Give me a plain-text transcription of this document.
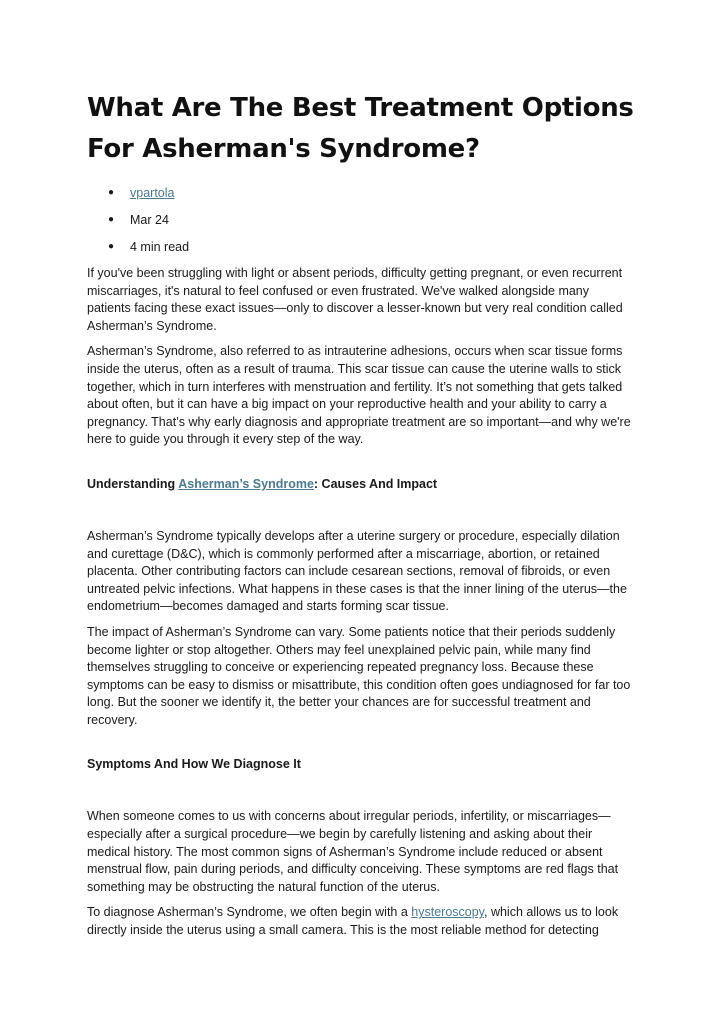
What Are The Best Treatment Options For Asherman's Syndrome?
● vpartola
● Mar 24
● 4 min read

If you've been struggling with light or absent periods, difficulty getting pregnant, or even recurrent miscarriages, it's natural to feel confused or even frustrated. We've walked alongside many patients facing these exact issues—only to discover a lesser-known but very real condition called Asherman’s Syndrome.

Asherman’s Syndrome, also referred to as intrauterine adhesions, occurs when scar tissue forms inside the uterus, often as a result of trauma. This scar tissue can cause the uterine walls to stick together, which in turn interferes with menstruation and fertility. It’s not something that gets talked about often, but it can have a big impact on your reproductive health and your ability to carry a pregnancy. That’s why early diagnosis and appropriate treatment are so important—and why we're here to guide you through it every step of the way.

Understanding Asherman’s Syndrome: Causes And Impact

Asherman’s Syndrome typically develops after a uterine surgery or procedure, especially dilation and curettage (D&C), which is commonly performed after a miscarriage, abortion, or retained placenta. Other contributing factors can include cesarean sections, removal of fibroids, or even untreated pelvic infections. What happens in these cases is that the inner lining of the uterus—the endometrium—becomes damaged and starts forming scar tissue.

The impact of Asherman’s Syndrome can vary. Some patients notice that their periods suddenly become lighter or stop altogether. Others may feel unexplained pelvic pain, while many find themselves struggling to conceive or experiencing repeated pregnancy loss. Because these symptoms can be easy to dismiss or misattribute, this condition often goes undiagnosed for far too long. But the sooner we identify it, the better your chances are for successful treatment and recovery.

Symptoms And How We Diagnose It

When someone comes to us with concerns about irregular periods, infertility, or miscarriages—especially after a surgical procedure—we begin by carefully listening and asking about their medical history. The most common signs of Asherman’s Syndrome include reduced or absent menstrual flow, pain during periods, and difficulty conceiving. These symptoms are red flags that something may be obstructing the natural function of the uterus.

To diagnose Asherman’s Syndrome, we often begin with a hysteroscopy, which allows us to look directly inside the uterus using a small camera. This is the most reliable method for detecting
